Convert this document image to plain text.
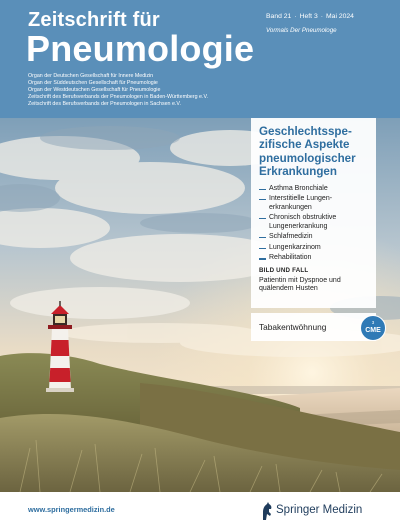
Zeitschrift für
Pneumologie
Organ der Deutschen Gesellschaft für Innere Medizin
Organ der Süddeutschen Gesellschaft für Pneumologie
Organ der Westdeutschen Gesellschaft für Pneumologie
Zeitschrift des Berufsverbands der Pneumologen in Baden-Württemberg e.V.
Zeitschrift des Berufsverbands der Pneumologen in Sachsen e.V.
Band 21 · Heft 3 · Mai 2024
Vormals Der Pneumologe
Geschlechtsspezifische Aspekte pneumologischer Erkrankungen
Asthma Bronchiale
Interstitielle Lungenerkrankungen
Chronisch obstruktive Lungenerkrankung
Schlafmedizin
Lungenkarzinom
Rehabilitation
BILD UND FALL
Patientin mit Dyspnoe und quälendem Husten
Tabakentwöhnung	3
CME
www.springermedizin.de	Springer Medizin
